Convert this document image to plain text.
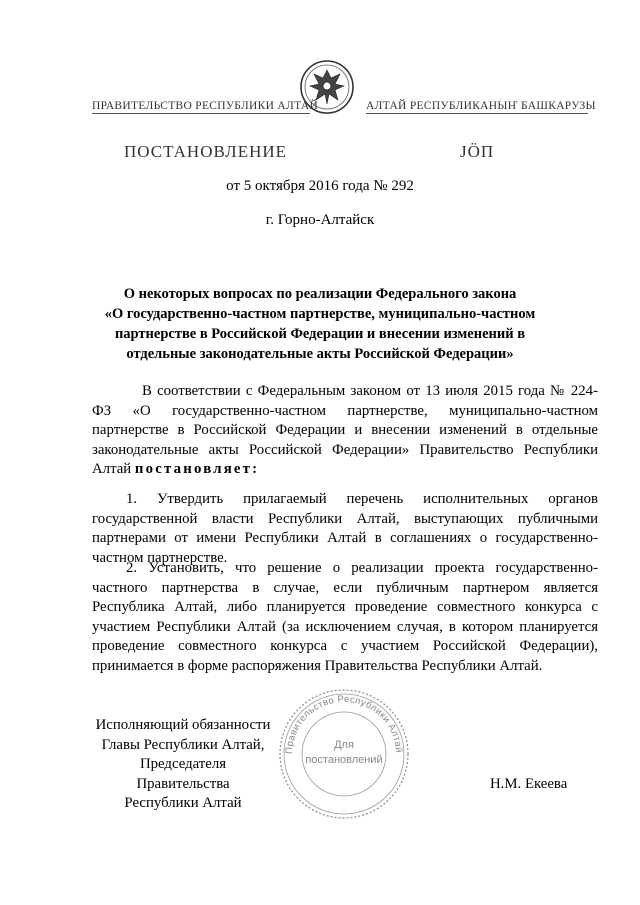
ПРАВИТЕЛЬСТВО РЕСПУБЛИКИ АЛТАЙ	АЛТАЙ РЕСПУБЛИКАНЫҤ БАШКАРУЗЫ
ПОСТАНОВЛЕНИЕ	ЈӦП
от 5 октября 2016 года № 292
г. Горно-Алтайск
О некоторых вопросах по реализации Федерального закона
«О государственно-частном партнерстве, муниципально-частном
партнерстве в Российской Федерации и внесении изменений в
отдельные законодательные акты Российской Федерации»
В соответствии с Федеральным законом от 13 июля 2015 года № 224-ФЗ «О государственно-частном партнерстве, муниципально-частном партнерстве в Российской Федерации и внесении изменений в отдельные законодательные акты Российской Федерации» Правительство Республики Алтай постановляет:
1. Утвердить прилагаемый перечень исполнительных органов государственной власти Республики Алтай, выступающих публичными партнерами от имени Республики Алтай в соглашениях о государственно-частном партнерстве.
2. Установить, что решение о реализации проекта государственно-частного партнерства в случае, если публичным партнером является Республика Алтай, либо планируется проведение совместного конкурса с участием Республики Алтай (за исключением случая, в котором планируется проведение совместного конкурса с участием Российской Федерации), принимается в форме распоряжения Правительства Республики Алтай.
Исполняющий обязанности
Главы Республики Алтай,
Председателя Правительства
Республики Алтай
Н.М. Екеева
Правительство Республики Алтай
Для
постановлений
